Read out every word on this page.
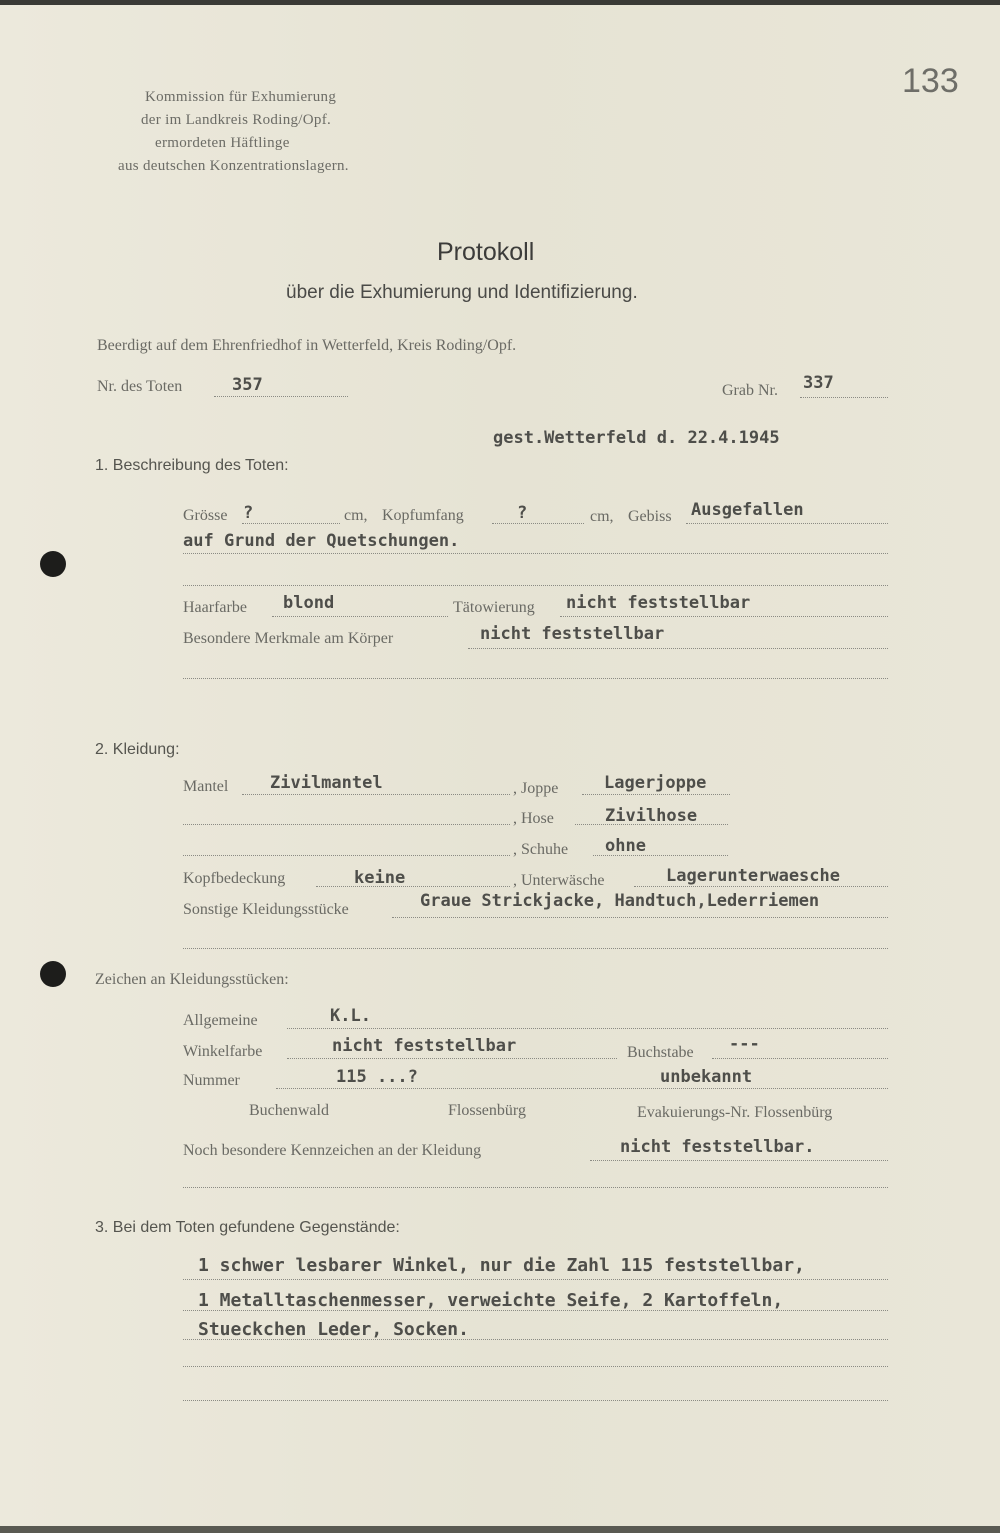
133
Kommission für Exhumierung
der im Landkreis Roding/Opf.
ermordeten Häftlinge
aus deutschen Konzentrationslagern.
Protokoll
über die Exhumierung und Identifizierung.
Beerdigt auf dem Ehrenfriedhof in Wetterfeld, Kreis Roding/Opf.
Nr. des Toten	357	Grab Nr. 337
gest.Wetterfeld d. 22.4.1945
1. Beschreibung des Toten:
Grösse ?	cm, Kopfumfang	?	cm, Gebiss Ausgefallen
auf Grund der Quetschungen.
Haarfarbe blond	Tätowierung nicht feststellbar
Besondere Merkmale am Körper	nicht feststellbar
2. Kleidung:
Mantel Zivilmantel	, Joppe	Lagerjoppe
, Hose	Zivilhose
, Schuhe ohne
Kopfbedeckung	keine	, Unterwäsche	Lagerunterwaesche
Sonstige Kleidungsstücke	Graue Strickjacke, Handtuch,Lederriemen
Zeichen an Kleidungsstücken:
Allgemeine	K.L.
Winkelfarbe	nicht feststellbar	Buchstabe ---
Nummer	115 ...?	unbekannt
Buchenwald	Flossenbürg	Evakuierungs-Nr. Flossenbürg
Noch besondere Kennzeichen an der Kleidung	nicht feststellbar.
3. Bei dem Toten gefundene Gegenstände:
1 schwer lesbarer Winkel, nur die Zahl 115 feststellbar,
1 Metalltaschenmesser, verweichte Seife, 2 Kartoffeln,
Stueckchen Leder, Socken.
